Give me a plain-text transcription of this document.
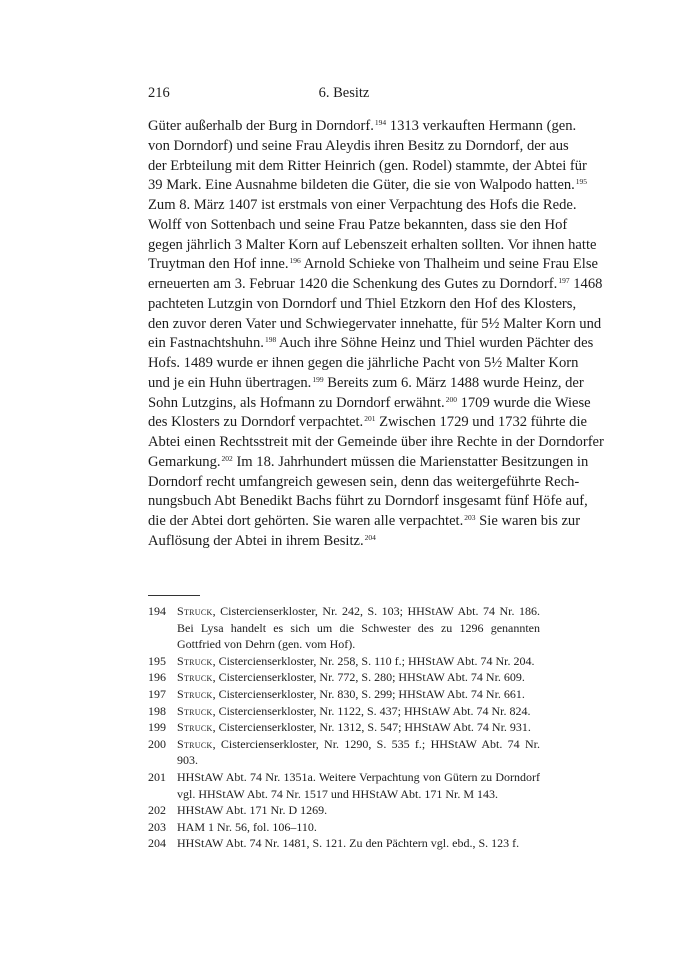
216	6. Besitz
Güter außerhalb der Burg in Dorndorf.$^{194}$ 1313 verkauften Hermann (gen.
von Dorndorf) und seine Frau Aleydis ihren Besitz zu Dorndorf, der aus
der Erbteilung mit dem Ritter Heinrich (gen. Rodel) stammte, der Abtei für
39 Mark. Eine Ausnahme bildeten die Güter, die sie von Walpodo hatten.$^{195}$
Zum 8. März 1407 ist erstmals von einer Verpachtung des Hofs die Rede.
Wolff von Sottenbach und seine Frau Patze bekannten, dass sie den Hof
gegen jährlich 3 Malter Korn auf Lebenszeit erhalten sollten. Vor ihnen hatte
Truytman den Hof inne.$^{196}$ Arnold Schieke von Thalheim und seine Frau Else
erneuerten am 3. Februar 1420 die Schenkung des Gutes zu Dorndorf.$^{197}$ 1468
pachteten Lutzgin von Dorndorf und Thiel Etzkorn den Hof des Klosters,
den zuvor deren Vater und Schwiegervater innehatte, für 5½ Malter Korn und
ein Fastnachtshuhn.$^{198}$ Auch ihre Söhne Heinz und Thiel wurden Pächter des
Hofs. 1489 wurde er ihnen gegen die jährliche Pacht von 5½ Malter Korn
und je ein Huhn übertragen.$^{199}$ Bereits zum 6. März 1488 wurde Heinz, der
Sohn Lutzgins, als Hofmann zu Dorndorf erwähnt.$^{200}$ 1709 wurde die Wiese
des Klosters zu Dorndorf verpachtet.$^{201}$ Zwischen 1729 und 1732 führte die
Abtei einen Rechtsstreit mit der Gemeinde über ihre Rechte in der Dorndorfer
Gemarkung.$^{202}$ Im 18. Jahrhundert müssen die Marienstatter Besitzungen in
Dorndorf recht umfangreich gewesen sein, denn das weitergeführte Rech-
nungsbuch Abt Benedikt Bachs führt zu Dorndorf insgesamt fünf Höfe auf,
die der Abtei dort gehörten. Sie waren alle verpachtet.$^{203}$ Sie waren bis zur
Auflösung der Abtei in ihrem Besitz.$^{204}$
194 Struck, Cistercienserkloster, Nr. 242, S. 103; HHStAW Abt. 74 Nr. 186. Bei Lysa handelt es sich um die Schwester des zu 1296 genannten Gottfried von Dehrn (gen. vom Hof).
195 Struck, Cistercienserkloster, Nr. 258, S. 110 f.; HHStAW Abt. 74 Nr. 204.
196 Struck, Cistercienserkloster, Nr. 772, S. 280; HHStAW Abt. 74 Nr. 609.
197 Struck, Cistercienserkloster, Nr. 830, S. 299; HHStAW Abt. 74 Nr. 661.
198 Struck, Cistercienserkloster, Nr. 1122, S. 437; HHStAW Abt. 74 Nr. 824.
199 Struck, Cistercienserkloster, Nr. 1312, S. 547; HHStAW Abt. 74 Nr. 931.
200 Struck, Cistercienserkloster, Nr. 1290, S. 535 f.; HHStAW Abt. 74 Nr. 903.
201 HHStAW Abt. 74 Nr. 1351a. Weitere Verpachtung von Gütern zu Dorndorf vgl. HHStAW Abt. 74 Nr. 1517 und HHStAW Abt. 171 Nr. M 143.
202 HHStAW Abt. 171 Nr. D 1269.
203 HAM 1 Nr. 56, fol. 106–110.
204 HHStAW Abt. 74 Nr. 1481, S. 121. Zu den Pächtern vgl. ebd., S. 123 f.
